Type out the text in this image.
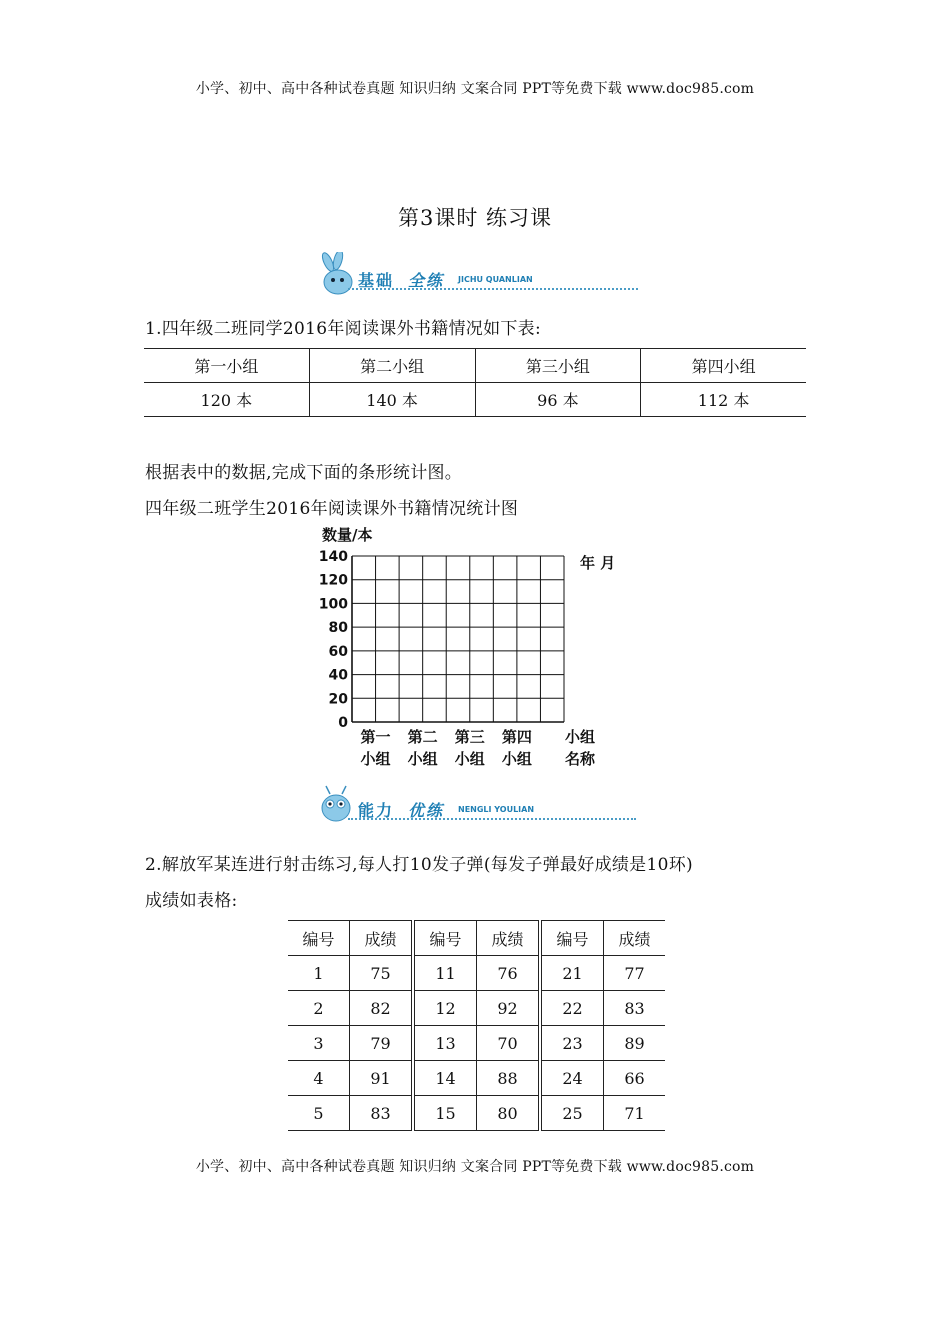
小学、初中、高中各种试卷真题 知识归纳 文案合同 PPT等免费下载 www.doc985.com
第3课时 练习课
基础 全练 JICHU QUANLIAN
1.四年级二班同学2016年阅读课外书籍情况如下表:
第一小组	第二小组	第三小组	第四小组
120 本	140 本	96 本	112 本
根据表中的数据,完成下面的条形统计图。
四年级二班学生2016年阅读课外书籍情况统计图
数量/本
年 月
140
120
100
80
60
40
20
0
第一
小组
第二
小组
第三
小组
第四
小组
小组
名称
能力 优练 NENGLI YOULIAN
2.解放军某连进行射击练习,每人打10发子弹(每发子弹最好成绩是10环)
成绩如表格:
编号	成绩	编号	成绩	编号	成绩
1	75	11	76	21	77
2	82	12	92	22	83
3	79	13	70	23	89
4	91	14	88	24	66
5	83	15	80	25	71
小学、初中、高中各种试卷真题 知识归纳 文案合同 PPT等免费下载 www.doc985.com
